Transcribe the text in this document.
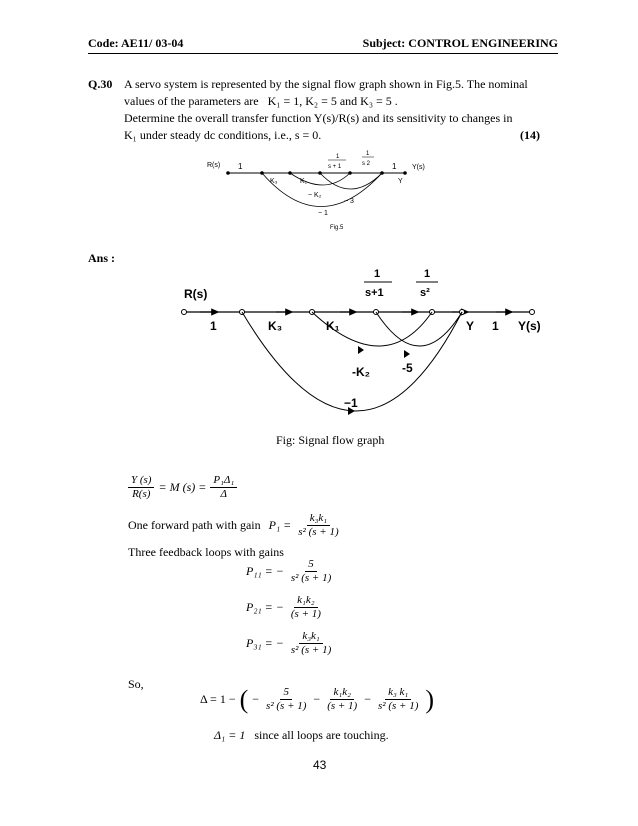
Code: AE11/ 03-04	Subject: CONTROL ENGINEERING
Q.30 A servo system is represented by the signal flow graph shown in Fig.5. The nominal
values of the parameters are K₁ = 1, K₂ = 5 and K₃ = 5 .
Determine the overall transfer function Y(s)/R(s) and its sensitivity to changes in
K₁ under steady dc conditions, i.e., s = 0.	(14)
R(s) 1
K₃	K₁
1
s + 1
1
s 2	1 Y(s)
Y
− K₂
− 3
− 1
Fig.5
Ans :
R(s)
1	K₃	K₁
1
s+1
1
s²
Y 1 Y(s)
-K₂	-5
−1
Fig: Signal flow graph
$\frac{Y (s)}{R(s)} = M$ $(s) = \frac{\text{P₁Δ₁}}{\Delta}$
One forward path with gain $P_1 = \frac{\text{k₃k₁}}{\text{s² (s + 1)}}$
Three feedback loops with gains
P₁₁ = − $\frac{5}{\text{s² (s + 1)}}$
P₂₁ = − $\frac{\text{k₁k₂}}{(s + 1)}$
P₃₁ = − $\frac{\text{k₃k₁}}{\text{s² (s + 1)}}$
So,
Δ = 1 − ( − $\frac{5}{\text{s² (s + 1)}} - \frac{\text{k₁k₂}}{(s + 1)} - \frac{\text{k₃ k₁}}{\text{s² (s + 1)}}$ )
Δ₁ = 1 since all loops are touching.
43
